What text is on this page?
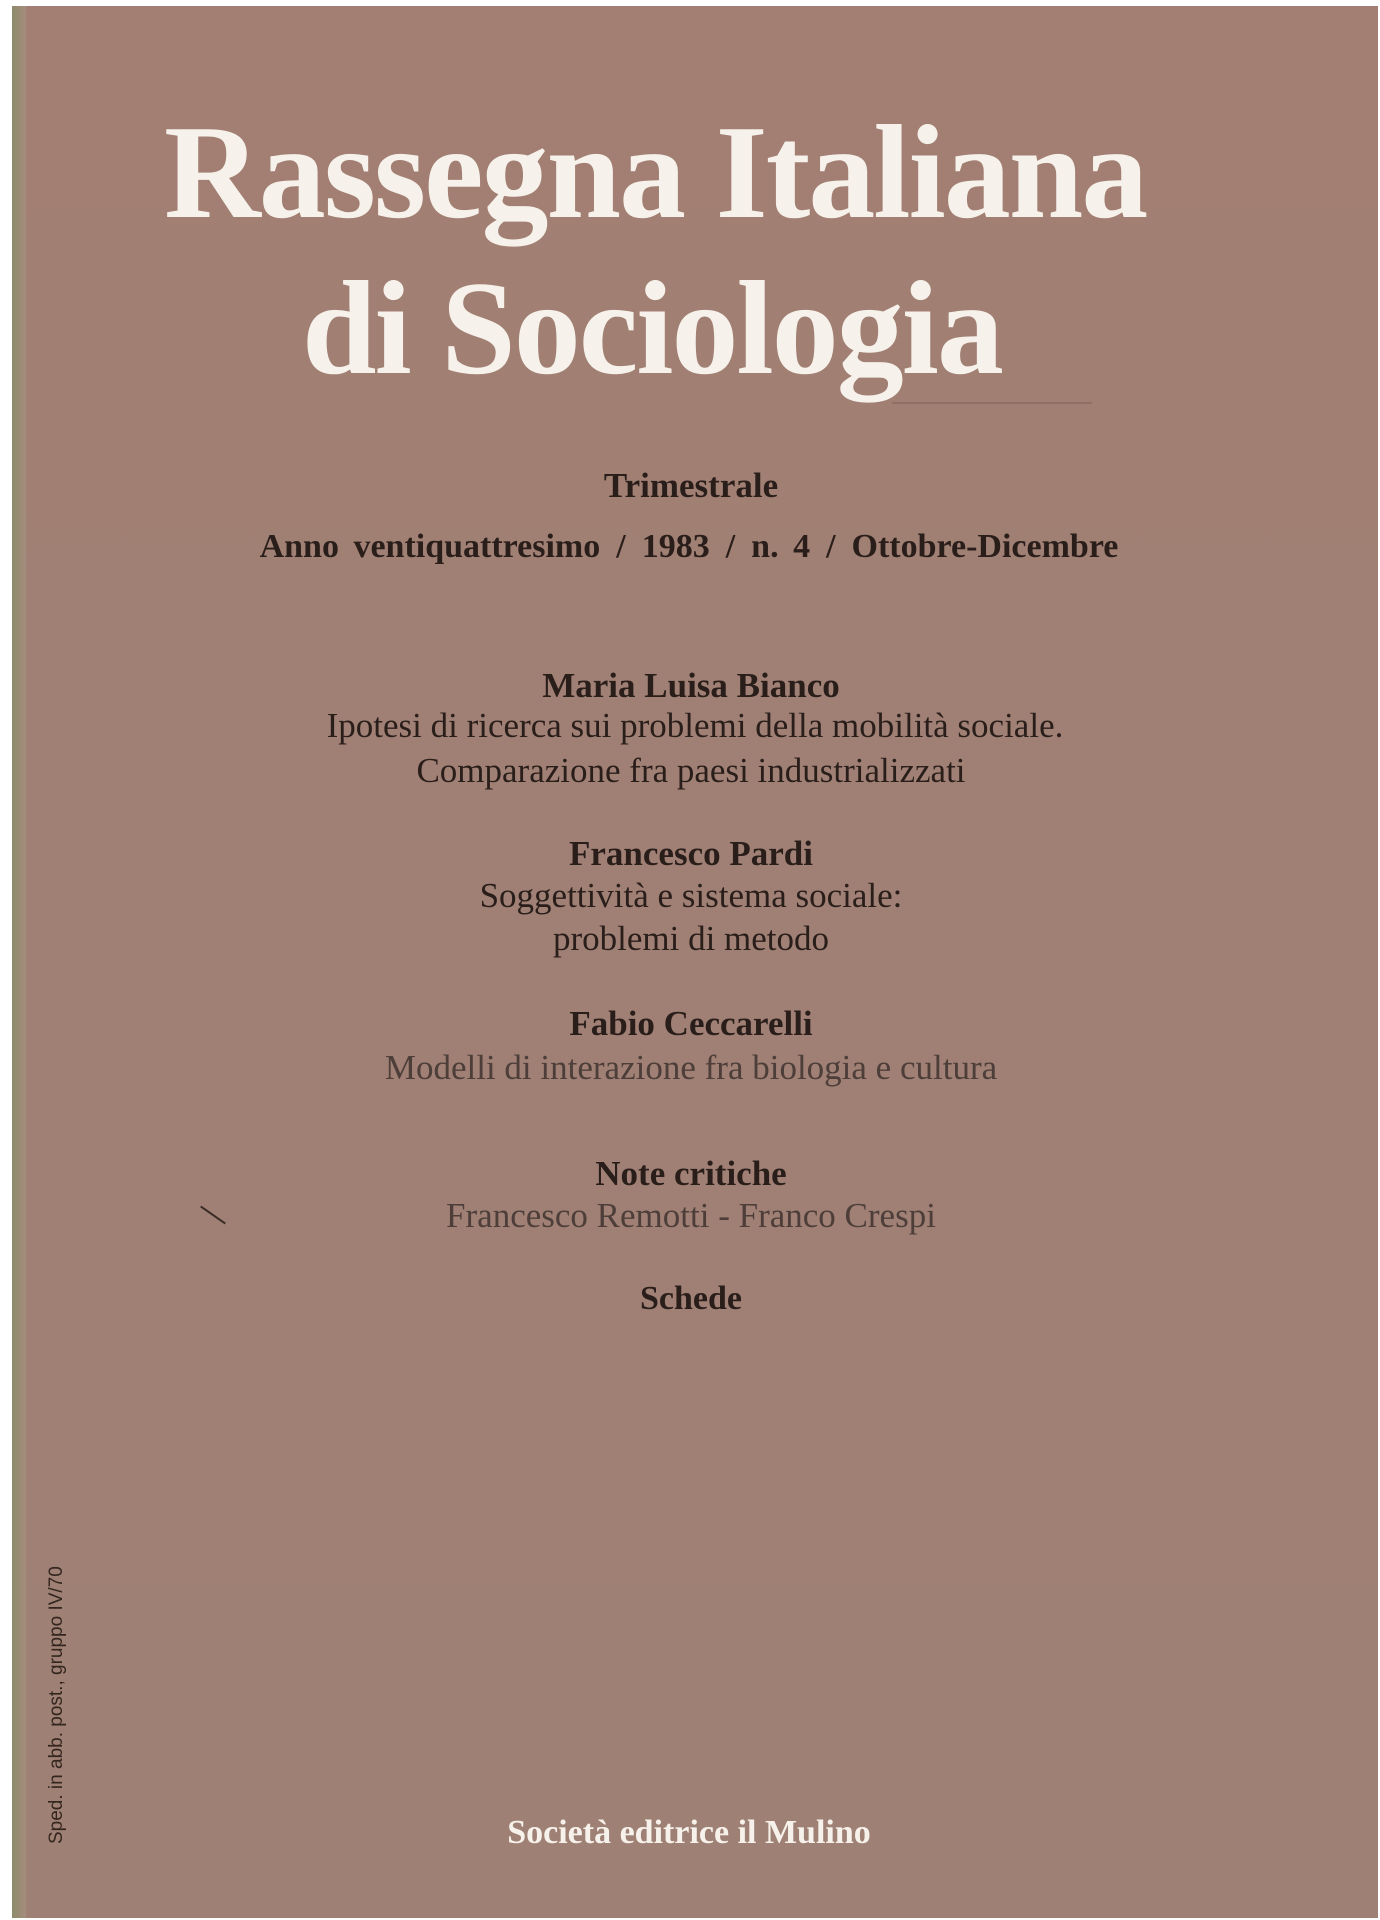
Rassegna Italiana
di Sociologia
Trimestrale
Anno ventiquattresimo / 1983 / n. 4 / Ottobre-Dicembre
Maria Luisa Bianco
Ipotesi di ricerca sui problemi della mobilità sociale.
Comparazione fra paesi industrializzati
Francesco Pardi
Soggettività e sistema sociale:
problemi di metodo
Fabio Ceccarelli
Modelli di interazione fra biologia e cultura
Note critiche
Francesco Remotti - Franco Crespi
Schede
Sped. in abb. post., gruppo IV/70	Società editrice il Mulino
